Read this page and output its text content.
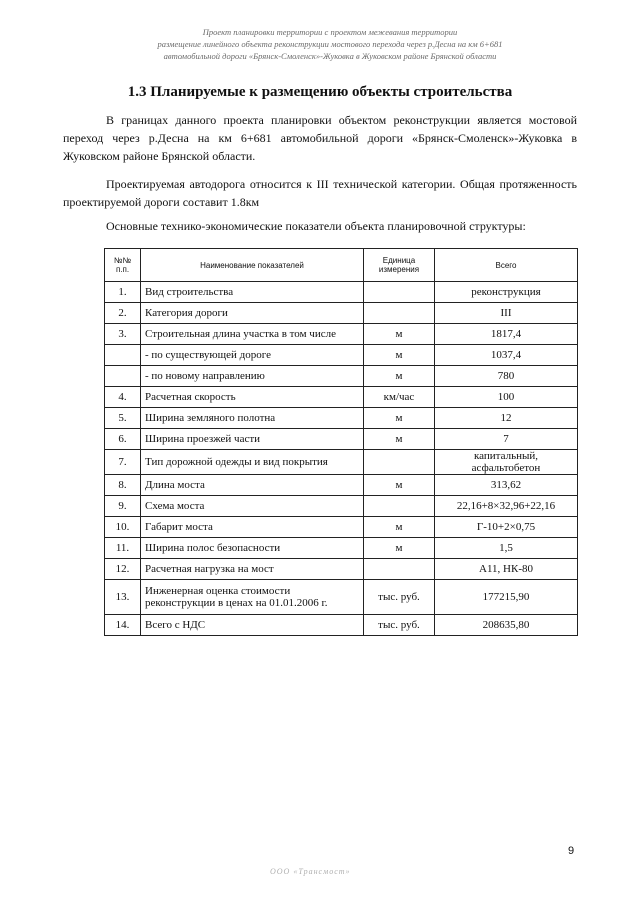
Проект планировки территории с проектом межевания территории
размещение линейного объекта реконструкции мостового перехода через р.Десна на км 6+681
автомобильной дороги «Брянск-Смоленск»-Жуковка в Жуковском районе Брянской области
1.3 Планируемые к размещению объекты строительства

В границах данного проекта планировки объектом реконструкции является мостовой переход через р.Десна на км 6+681 автомобильной дороги «Брянск-Смоленск»-Жуковка в Жуковском районе Брянской области.

Проектируемая автодорога относится к III технической категории. Общая протяженность проектируемой дороги составит 1.8км

Основные технико-экономические показатели объекта планировочной структуры:
№№ п.п.	Наименование показателей	Единица измерения	Всего
1.	Вид строительства		реконструкция
2.	Категория дороги		III
3.	Строительная длина участка в том числе	м	1817,4
	- по существующей дороге	м	1037,4
	- по новому направлению	м	780
4.	Расчетная скорость	км/час	100
5.	Ширина земляного полотна	м	12
6.	Ширина проезжей части	м	7
7.	Тип дорожной одежды и вид покрытия		капитальный, асфальтобетон
8.	Длина моста	м	313,62
9.	Схема моста		22,16+8×32,96+22,16
10.	Габарит моста	м	Г-10+2×0,75
11.	Ширина полос безопасности	м	1,5
12.	Расчетная нагрузка на мост		А11, НК-80
13.	Инженерная оценка стоимости реконструкции в ценах на 01.01.2006 г.	тыс. руб.	177215,90
14.	Всего с НДС	тыс. руб.	208635,80
9
ООО «Трансмост»
